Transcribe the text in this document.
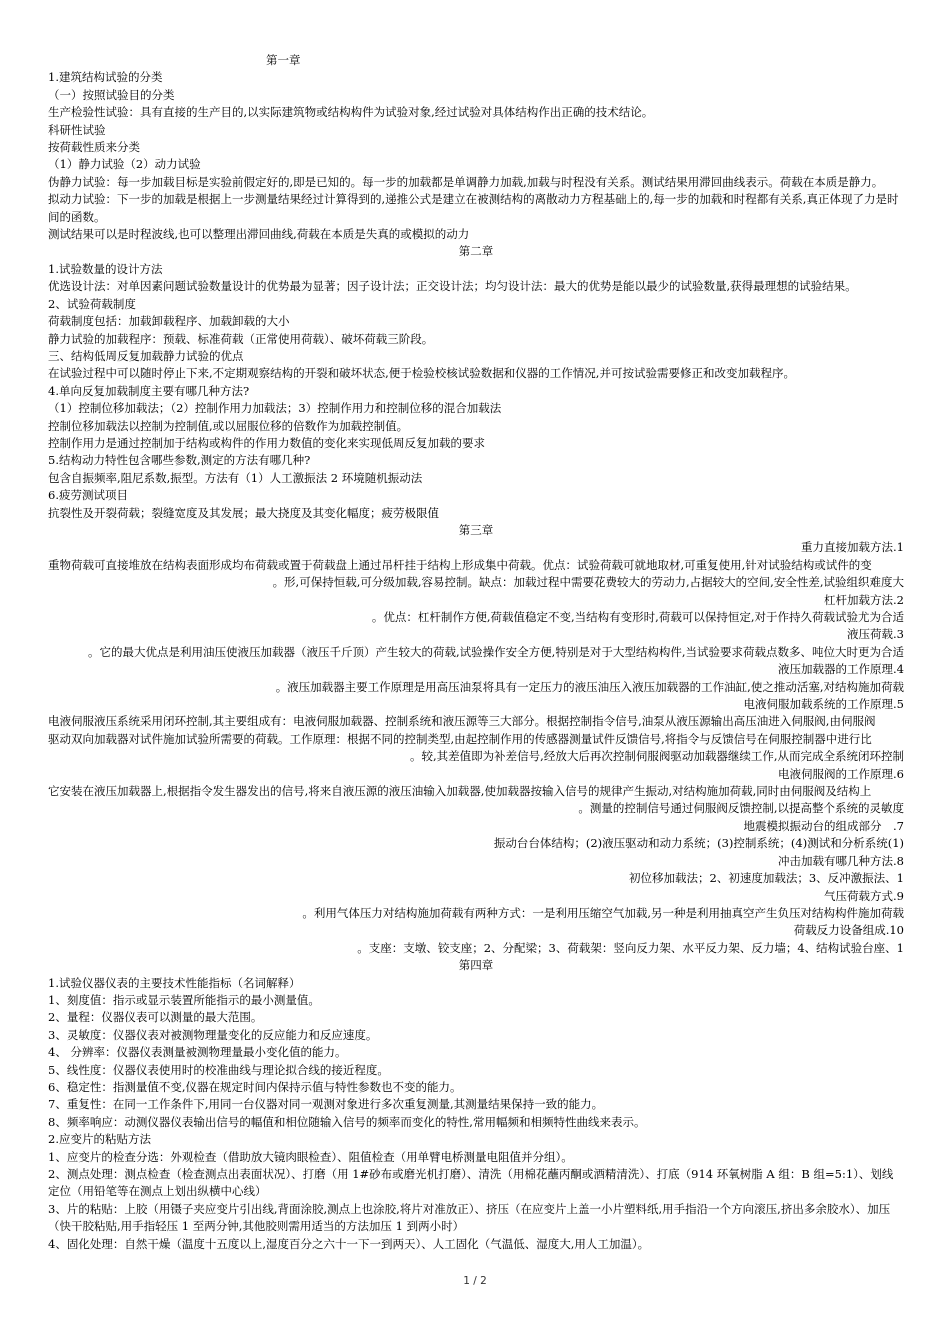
第一章
1.建筑结构试验的分类
（一）按照试验目的分类
生产检验性试验：具有直接的生产目的,以实际建筑物或结构构件为试验对象,经过试验对具体结构作出正确的技术结论。
科研性试验
按荷载性质来分类
（1）静力试验（2）动力试验
伪静力试验：每一步加载目标是实验前假定好的,即是已知的。每一步的加载都是单调静力加载,加载与时程没有关系。测试结果用滞回曲线表示。荷载在本质是静力。
拟动力试验：下一步的加载是根据上一步测量结果经过计算得到的,递推公式是建立在被测结构的离散动力方程基础上的,每一步的加载和时程都有关系,真正体现了力是时间的函数。
测试结果可以是时程波线,也可以整理出滞回曲线,荷载在本质是失真的或模拟的动力
第二章
1.试验数量的设计方法
优选设计法：对单因素问题试验数量设计的优势最为显著；因子设计法；正交设计法；均匀设计法：最大的优势是能以最少的试验数量,获得最理想的试验结果。
2、试验荷载制度
荷载制度包括：加载卸载程序、加载卸载的大小
静力试验的加载程序：预载、标准荷载（正常使用荷载）、破坏荷载三阶段。
三、结构低周反复加载静力试验的优点
在试验过程中可以随时停止下来,不定期观察结构的开裂和破坏状态,便于检验校核试验数据和仪器的工作情况,并可按试验需要修正和改变加载程序。
4.单向反复加载制度主要有哪几种方法?
（1）控制位移加载法；（2）控制作用力加载法；3）控制作用力和控制位移的混合加载法
控制位移加载法以控制为控制值,或以屈服位移的倍数作为加载控制值。
控制作用力是通过控制加于结构或构件的作用力数值的变化来实现低周反复加载的要求
5.结构动力特性包含哪些参数,测定的方法有哪几种?
包含自振频率,阻尼系数,振型。方法有（1）人工激振法 2 环境随机振动法
6.疲劳测试项目
抗裂性及开裂荷载；裂缝宽度及其发展；最大挠度及其变化幅度；疲劳极限值
第三章
重力直接加载方法.1
重物荷载可直接堆放在结构表面形成均布荷载或置于荷载盘上通过吊杆挂于结构上形成集中荷载。优点：试验荷载可就地取材,可重复使用,针对试验结构或试件的变
。形,可保持恒载,可分级加载,容易控制。缺点：加载过程中需要花费较大的劳动力,占据较大的空间,安全性差,试验组织难度大
杠杆加载方法.2
。优点：杠杆制作方便,荷载值稳定不变,当结构有变形时,荷载可以保持恒定,对于作持久荷载试验尤为合适
液压荷载.3
。它的最大优点是利用油压使液压加载器（液压千斤顶）产生较大的荷载,试验操作安全方便,特别是对于大型结构构件,当试验要求荷载点数多、吨位大时更为合适
液压加载器的工作原理.4
。液压加载器主要工作原理是用高压油泵将具有一定压力的液压油压入液压加载器的工作油缸,使之推动活塞,对结构施加荷载
电液伺服加载系统的工作原理.5
电液伺服液压系统采用闭环控制,其主要组成有：电液伺服加载器、控制系统和液压源等三大部分。根据控制指令信号,油泵从液压源输出高压油进入伺服阀,由伺服阀
驱动双向加载器对试件施加试验所需要的荷载。工作原理：根据不同的控制类型,由起控制作用的传感器测量试件反馈信号,将指令与反馈信号在伺服控制器中进行比
。较,其差值即为补差信号,经放大后再次控制伺服阀驱动加载器继续工作,从而完成全系统闭环控制
电液伺服阀的工作原理.6
它安装在液压加载器上,根据指令发生器发出的信号,将来自液压源的液压油输入加载器,使加载器按输入信号的规律产生振动,对结构施加荷载,同时由伺服阀及结构上
。测量的控制信号通过伺服阀反馈控制,以提高整个系统的灵敏度
地震模拟振动台的组成部分　.7
振动台台体结构；(2)液压驱动和动力系统；(3)控制系统；(4)测试和分析系统(1)
冲击加载有哪几种方法.8
初位移加载法；2、初速度加载法；3、反冲激振法、1
气压荷载方式.9
。利用气体压力对结构施加荷载有两种方式：一是利用压缩空气加载,另一种是利用抽真空产生负压对结构构件施加荷载
荷载反力设备组成.10
。支座：支墩、铰支座；2、分配梁；3、荷载架：竖向反力架、水平反力架、反力墙；4、结构试验台座、1
第四章
1.试验仪器仪表的主要技术性能指标（名词解释）
1、刻度值：指示或显示装置所能指示的最小测量值。
2、量程：仪器仪表可以测量的最大范围。
3、灵敏度：仪器仪表对被测物理量变化的反应能力和反应速度。
4、 分辨率：仪器仪表测量被测物理量最小变化值的能力。
5、线性度：仪器仪表使用时的校准曲线与理论拟合线的接近程度。
6、稳定性：指测量值不变,仪器在规定时间内保持示值与特性参数也不变的能力。
7、重复性：在同一工作条件下,用同一台仪器对同一观测对象进行多次重复测量,其测量结果保持一致的能力。
8、频率响应：动测仪器仪表输出信号的幅值和相位随输入信号的频率而变化的特性,常用幅频和相频特性曲线来表示。
2.应变片的粘贴方法
1、应变片的检查分选：外观检查（借助放大镜肉眼检查）、阻值检查（用单臂电桥测量电阻值并分组）。
2、测点处理：测点检查（检查测点出表面状况）、打磨（用 1#砂布或磨光机打磨）、清洗（用棉花蘸丙酮或酒精清洗）、打底（914 环氧树脂 A 组：B 组=5:1）、划线定位（用铅笔等在测点上划出纵横中心线）
3、片的粘贴：上胶（用镊子夹应变片引出线,背面涂胶,测点上也涂胶,将片对准放正）、挤压（在应变片上盖一小片塑料纸,用手指沿一个方向滚压,挤出多余胶水）、加压（快干胶粘贴,用手指轻压 1 至两分钟,其他胶则需用适当的方法加压 1 到两小时）
4、固化处理：自然干燥（温度十五度以上,湿度百分之六十一下一到两天）、人工固化（气温低、湿度大,用人工加温）。
1 / 2
